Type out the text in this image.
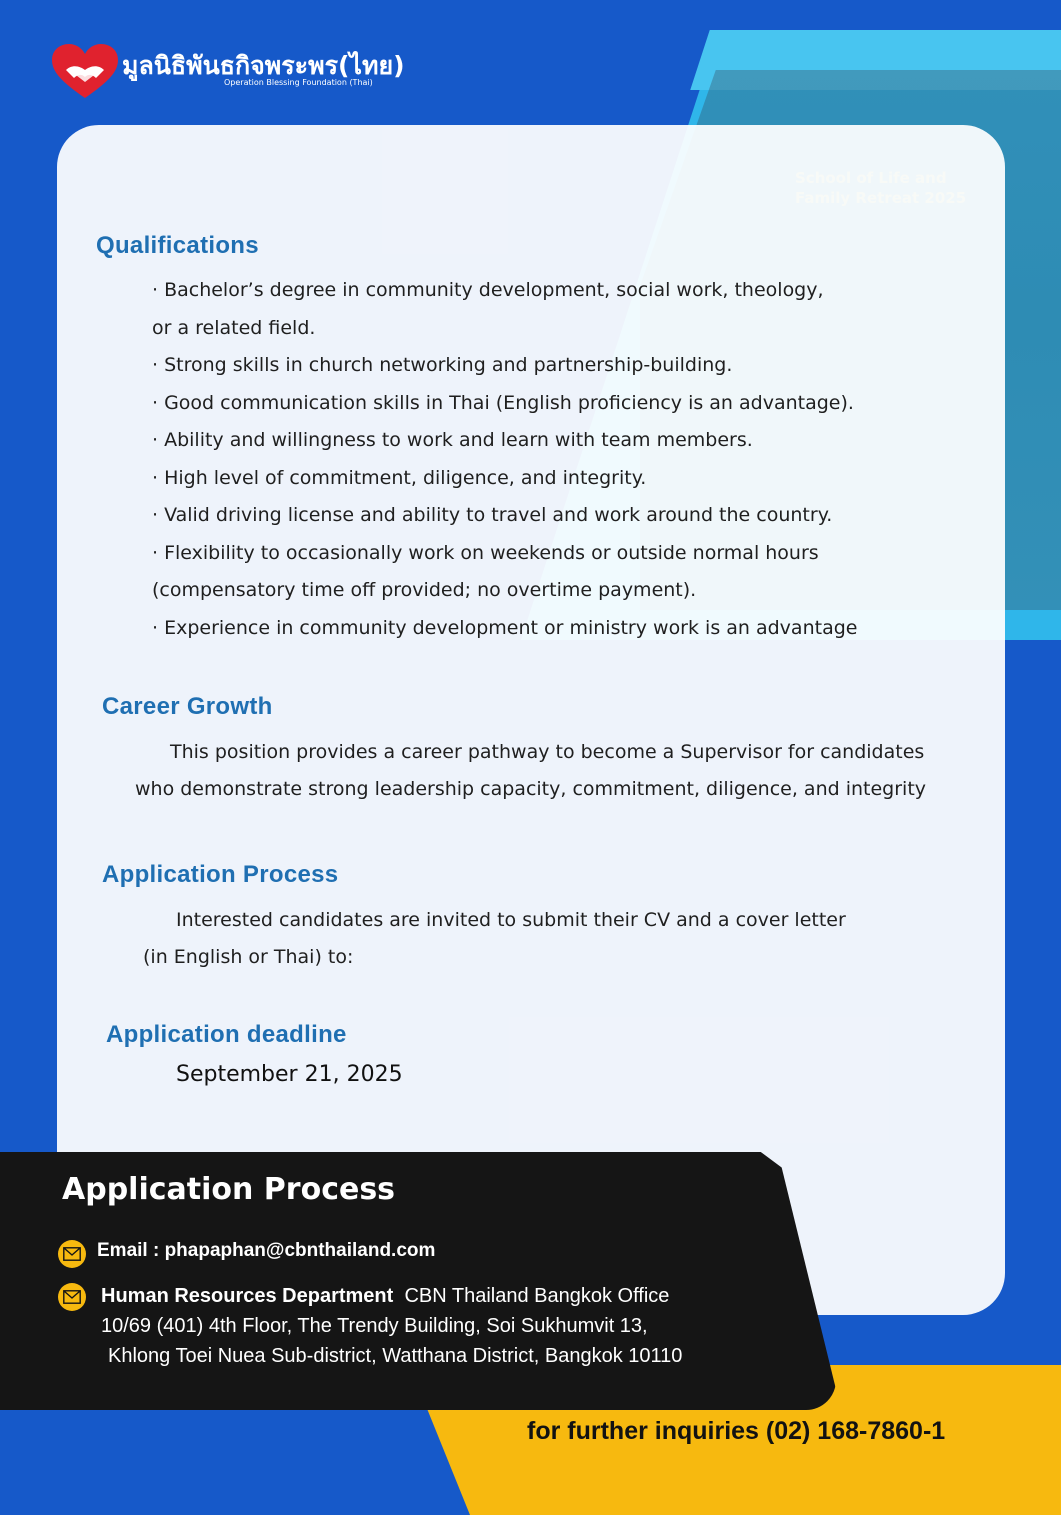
มูลนิธิพันธกิจพระพร(ไทย)
Operation Blessing Foundation (Thai)
Qualifications
· Bachelor’s degree in community development, social work, theology,
or a related field.
· Strong skills in church networking and partnership-building.
· Good communication skills in Thai (English proficiency is an advantage).
· Ability and willingness to work and learn with team members.
· High level of commitment, diligence, and integrity.
· Valid driving license and ability to travel and work around the country.
· Flexibility to occasionally work on weekends or outside normal hours
(compensatory time off provided; no overtime payment).
· Experience in community development or ministry work is an advantage
Career Growth
This position provides a career pathway to become a Supervisor for candidates
who demonstrate strong leadership capacity, commitment, diligence, and integrity
Application Process
Interested candidates are invited to submit their CV and a cover letter
(in English or Thai) to:
Application deadline
September 21, 2025
for further inquiries (02) 168-7860-1
Application Process
Email : phapaphan@cbnthailand.com
Human Resources Department CBN Thailand Bangkok Office
10/69 (401) 4th Floor, The Trendy Building, Soi Sukhumvit 13,
Khlong Toei Nuea Sub-district, Watthana District, Bangkok 10110
